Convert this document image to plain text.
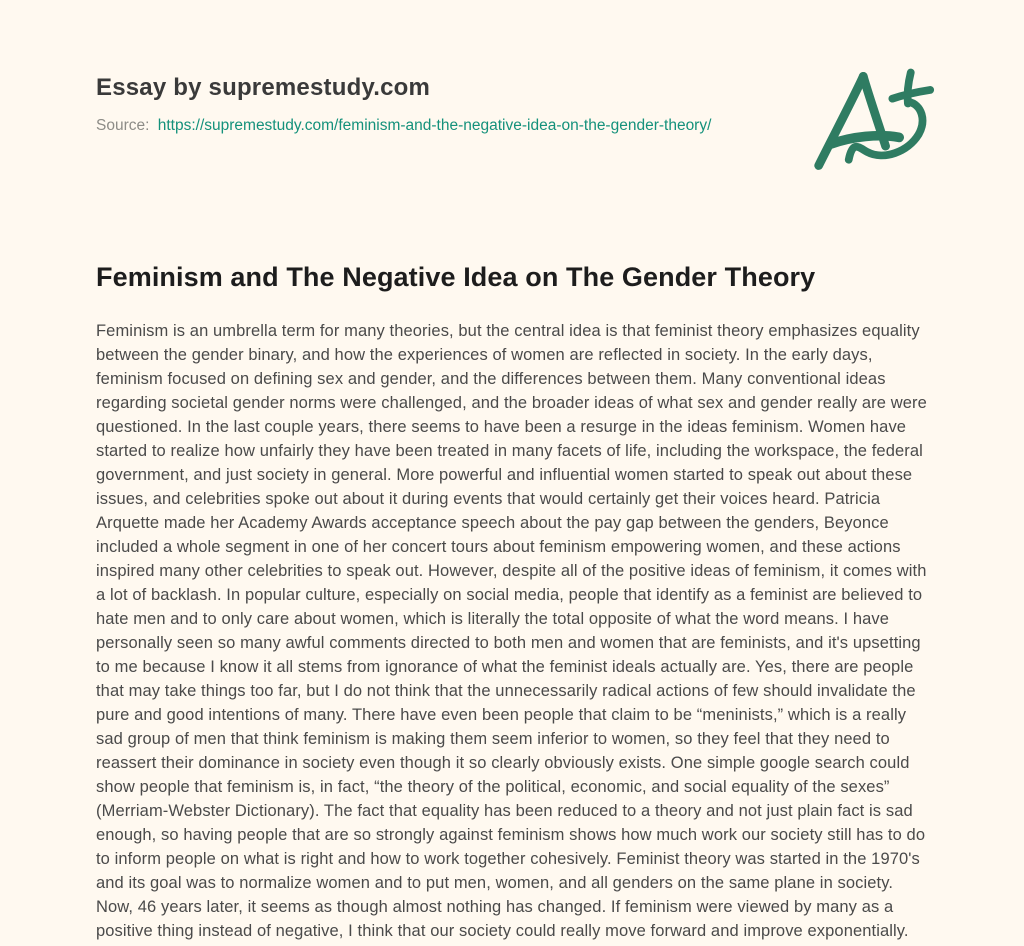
Essay by supremestudy.com
Source: https://supremestudy.com/feminism-and-the-negative-idea-on-the-gender-theory/
Feminism and The Negative Idea on The Gender Theory

Feminism is an umbrella term for many theories, but the central idea is that feminist theory emphasizes equality between the gender binary, and how the experiences of women are reflected in society. In the early days, feminism focused on defining sex and gender, and the differences between them. Many conventional ideas regarding societal gender norms were challenged, and the broader ideas of what sex and gender really are were questioned. In the last couple years, there seems to have been a resurge in the ideas feminism. Women have started to realize how unfairly they have been treated in many facets of life, including the workspace, the federal government, and just society in general. More powerful and influential women started to speak out about these issues, and celebrities spoke out about it during events that would certainly get their voices heard. Patricia Arquette made her Academy Awards acceptance speech about the pay gap between the genders, Beyonce included a whole segment in one of her concert tours about feminism empowering women, and these actions inspired many other celebrities to speak out. However, despite all of the positive ideas of feminism, it comes with a lot of backlash. In popular culture, especially on social media, people that identify as a feminist are believed to hate men and to only care about women, which is literally the total opposite of what the word means. I have personally seen so many awful comments directed to both men and women that are feminists, and it's upsetting to me because I know it all stems from ignorance of what the feminist ideals actually are. Yes, there are people that may take things too far, but I do not think that the unnecessarily radical actions of few should invalidate the pure and good intentions of many. There have even been people that claim to be “meninists,” which is a really sad group of men that think feminism is making them seem inferior to women, so they feel that they need to reassert their dominance in society even though it so clearly obviously exists. One simple google search could show people that feminism is, in fact, “the theory of the political, economic, and social equality of the sexes” (Merriam-Webster Dictionary). The fact that equality has been reduced to a theory and not just plain fact is sad enough, so having people that are so strongly against feminism shows how much work our society still has to do to inform people on what is right and how to work together cohesively. Feminist theory was started in the 1970's and its goal was to normalize women and to put men, women, and all genders on the same plane in society. Now, 46 years later, it seems as though almost nothing has changed. If feminism were viewed by many as a positive thing instead of negative, I think that our society could really move forward and improve exponentially.
